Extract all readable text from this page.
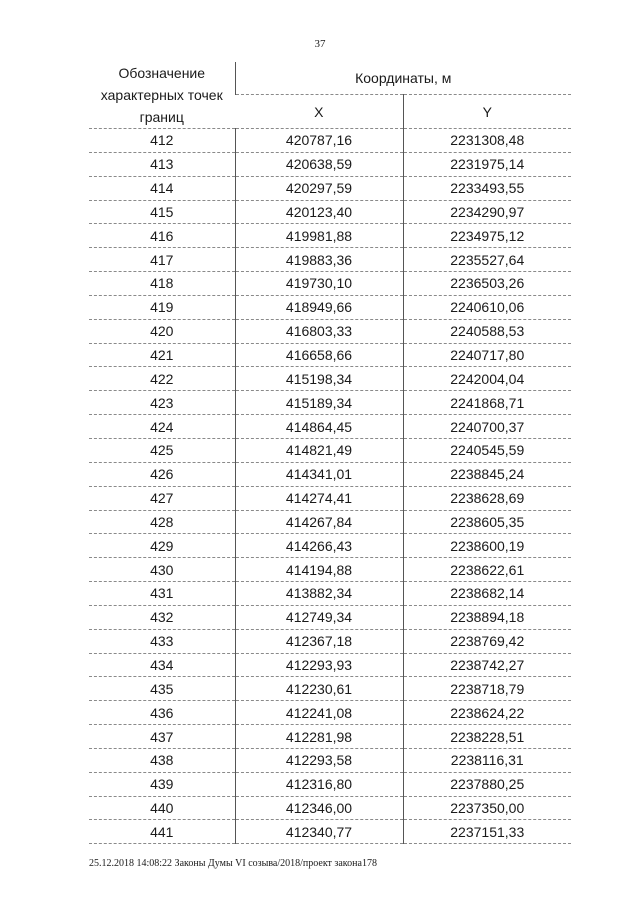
37
Обозначение характерных точек границ	Координаты, м	
	X	Y
412	420787,16	2231308,48
413	420638,59	2231975,14
414	420297,59	2233493,55
415	420123,40	2234290,97
416	419981,88	2234975,12
417	419883,36	2235527,64
418	419730,10	2236503,26
419	418949,66	2240610,06
420	416803,33	2240588,53
421	416658,66	2240717,80
422	415198,34	2242004,04
423	415189,34	2241868,71
424	414864,45	2240700,37
425	414821,49	2240545,59
426	414341,01	2238845,24
427	414274,41	2238628,69
428	414267,84	2238605,35
429	414266,43	2238600,19
430	414194,88	2238622,61
431	413882,34	2238682,14
432	412749,34	2238894,18
433	412367,18	2238769,42
434	412293,93	2238742,27
435	412230,61	2238718,79
436	412241,08	2238624,22
437	412281,98	2238228,51
438	412293,58	2238116,31
439	412316,80	2237880,25
440	412346,00	2237350,00
441	412340,77	2237151,33
25.12.2018 14:08:22 Законы Думы VI созыва/2018/проект закона178
